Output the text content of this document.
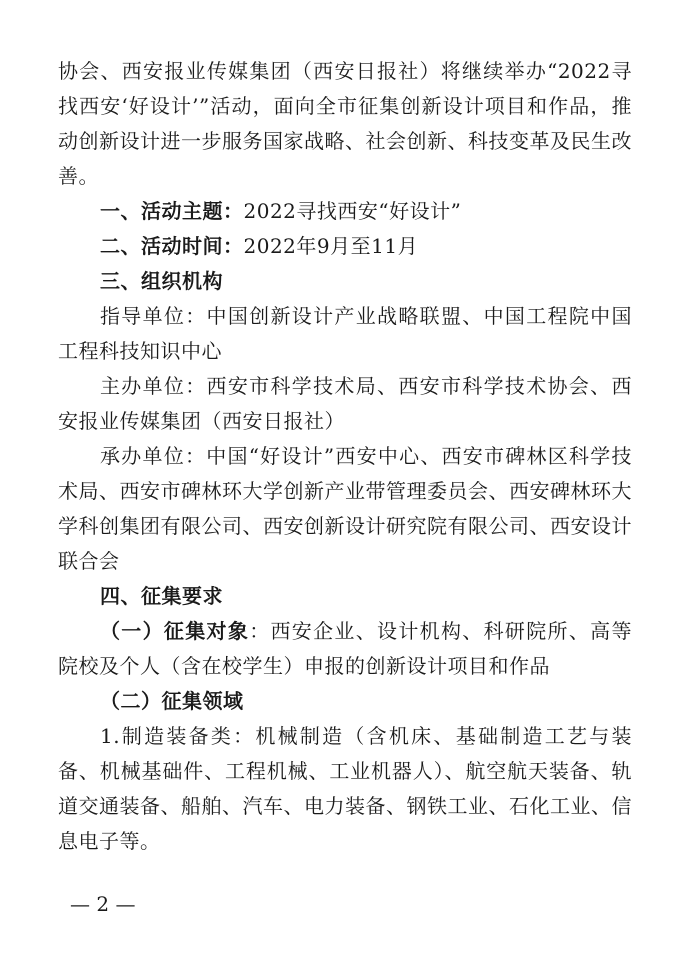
协会、西安报业传媒集团（西安日报社）将继续举办“2022寻找西安‘好设计’”活动，面向全市征集创新设计项目和作品，推动创新设计进一步服务国家战略、社会创新、科技变革及民生改善。

一、活动主题：2022寻找西安“好设计”

二、活动时间：2022年9月至11月

三、组织机构

指导单位：中国创新设计产业战略联盟、中国工程院中国工程科技知识中心

主办单位：西安市科学技术局、西安市科学技术协会、西安报业传媒集团（西安日报社）

承办单位：中国“好设计”西安中心、西安市碑林区科学技术局、西安市碑林环大学创新产业带管理委员会、西安碑林环大学科创集团有限公司、西安创新设计研究院有限公司、西安设计联合会

四、征集要求

（一）征集对象：西安企业、设计机构、科研院所、高等院校及个人（含在校学生）申报的创新设计项目和作品

（二）征集领域

1.制造装备类：机械制造（含机床、基础制造工艺与装备、机械基础件、工程机械、工业机器人）、航空航天装备、轨道交通装备、船舶、汽车、电力装备、钢铁工业、石化工业、信息电子等。

— 2 —
